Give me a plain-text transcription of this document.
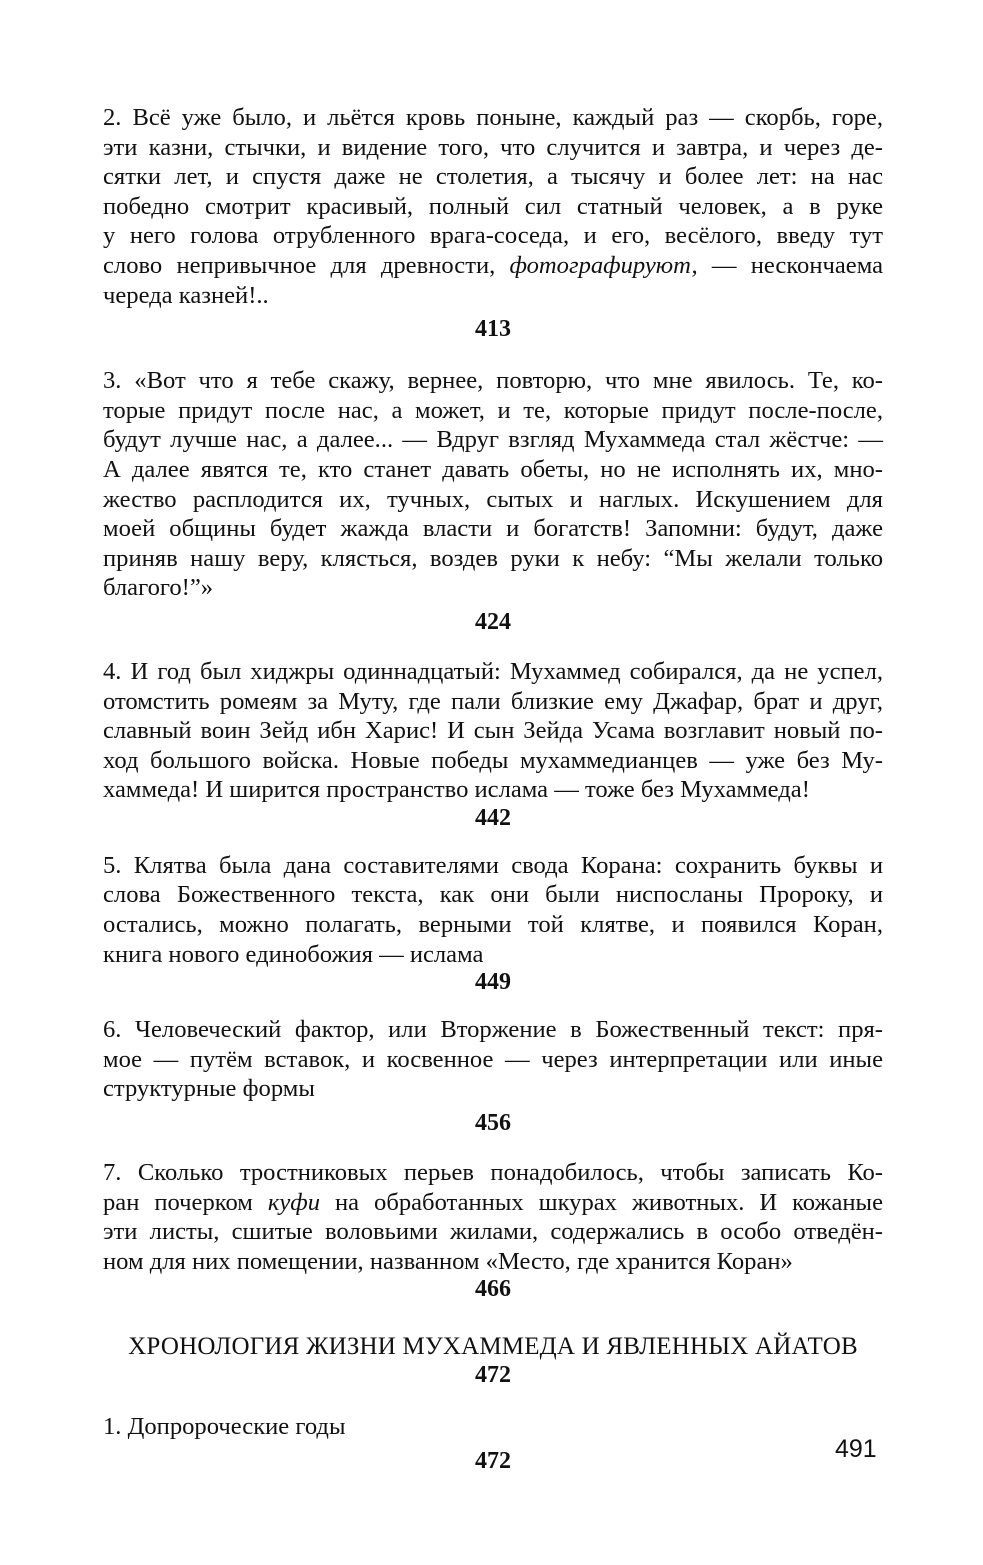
2. Всё уже было, и льётся кровь поныне, каждый раз — скорбь, горе,
эти казни, стычки, и видение того, что случится и завтра, и через де-
сятки лет, и спустя даже не столетия, а тысячу и более лет: на нас
победно смотрит красивый, полный сил статный человек, а в руке
у него голова отрубленного врага-соседа, и его, весёлого, введу тут
слово непривычное для древности, фотографируют, — нескончаема
череда казней!..

413

3. «Вот что я тебе скажу, вернее, повторю, что мне явилось. Те, ко-
торые придут после нас, а может, и те, которые придут после-после,
будут лучше нас, а далее... — Вдруг взгляд Мухаммеда стал жёстче: —
А далее явятся те, кто станет давать обеты, но не исполнять их, мно-
жество расплодится их, тучных, сытых и наглых. Искушением для
моей общины будет жажда власти и богатств! Запомни: будут, даже
приняв нашу веру, клясться, воздев руки к небу: “Мы желали только
благого!”»

424

4. И год был хиджры одиннадцатый: Мухаммед собирался, да не успел,
отомстить ромеям за Муту, где пали близкие ему Джафар, брат и друг,
славный воин Зейд ибн Харис! И сын Зейда Усама возглавит новый по-
ход большого войска. Новые победы мухаммедианцев — уже без Му-
хаммеда! И ширится пространство ислама — тоже без Мухаммеда!

442

5. Клятва была дана составителями свода Корана: сохранить буквы и
слова Божественного текста, как они были ниспосланы Пророку, и
остались, можно полагать, верными той клятве, и появился Коран,
книга нового единобожия — ислама

449

6. Человеческий фактор, или Вторжение в Божественный текст: пря-
мое — путём вставок, и косвенное — через интерпретации или иные
структурные формы

456

7. Сколько тростниковых перьев понадобилось, чтобы записать Ко-
ран почерком куфи на обработанных шкурах животных. И кожаные
эти листы, сшитые воловьими жилами, содержались в особо отведён-
ном для них помещении, названном «Место, где хранится Коран»

466

ХРОНОЛОГИЯ ЖИЗНИ МУХАММЕДА И ЯВЛЕННЫХ АЙАТОВ

472

1. Допророческие годы

472	491
